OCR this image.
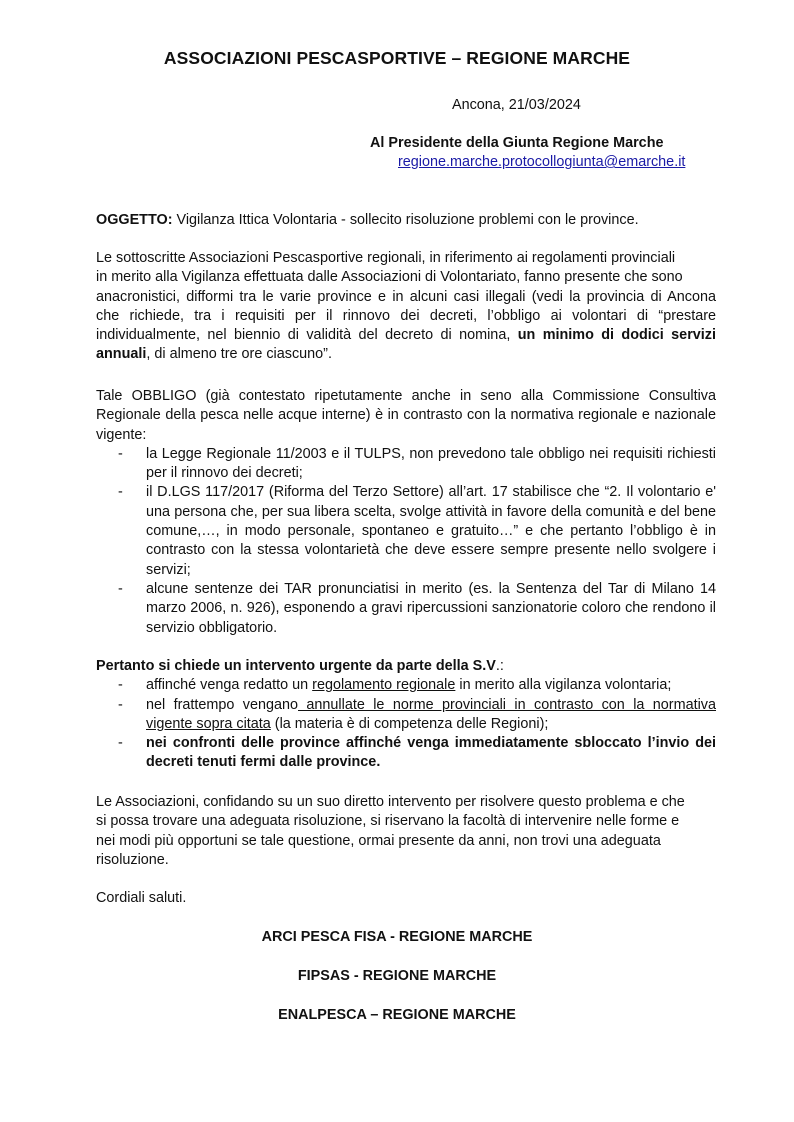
ASSOCIAZIONI PESCASPORTIVE – REGIONE MARCHE
Ancona, 21/03/2024
Al Presidente della Giunta Regione Marche
regione.marche.protocollogiunta@emarche.it
OGGETTO: Vigilanza Ittica Volontaria - sollecito risoluzione problemi con le province.
Le sottoscritte Associazioni Pescasportive regionali, in riferimento ai regolamenti provinciali
in merito alla Vigilanza effettuata dalle Associazioni di Volontariato, fanno presente che sono
anacronistici, difformi tra le varie province e in alcuni casi illegali (vedi la provincia di Ancona
che richiede, tra i requisiti per il rinnovo dei decreti, l’obbligo ai volontari di “prestare
individualmente, nel biennio di validità del decreto di nomina, un minimo di dodici servizi
annuali, di almeno tre ore ciascuno”.
Tale OBBLIGO (già contestato ripetutamente anche in seno alla Commissione Consultiva Regionale della pesca nelle acque interne) è in contrasto con la normativa regionale e nazionale vigente:
- la Legge Regionale 11/2003 e il TULPS, non prevedono tale obbligo nei requisiti richiesti per il rinnovo dei decreti;
- il D.LGS 117/2017 (Riforma del Terzo Settore) all’art. 17 stabilisce che “2. Il volontario e' una persona che, per sua libera scelta, svolge attività in favore della comunità e del bene comune,…, in modo personale, spontaneo e gratuito…” e che pertanto l’obbligo è in contrasto con la stessa volontarietà che deve essere sempre presente nello svolgere i servizi;
- alcune sentenze dei TAR pronunciatisi in merito (es. la Sentenza del Tar di Milano 14 marzo 2006, n. 926), esponendo a gravi ripercussioni sanzionatorie coloro che rendono il servizio obbligatorio.
Pertanto si chiede un intervento urgente da parte della S.V.:
- affinché venga redatto un regolamento regionale in merito alla vigilanza volontaria;
- nel frattempo vengano annullate le norme provinciali in contrasto con la normativa vigente sopra citata (la materia è di competenza delle Regioni);
- nei confronti delle province affinché venga immediatamente sbloccato l’invio dei decreti tenuti fermi dalle province.
Le Associazioni, confidando su un suo diretto intervento per risolvere questo problema e che
si possa trovare una adeguata risoluzione, si riservano la facoltà di intervenire nelle forme e
nei modi più opportuni se tale questione, ormai presente da anni, non trovi una adeguata
risoluzione.
Cordiali saluti.
ARCI PESCA FISA - REGIONE MARCHE
FIPSAS - REGIONE MARCHE
ENALPESCA – REGIONE MARCHE
